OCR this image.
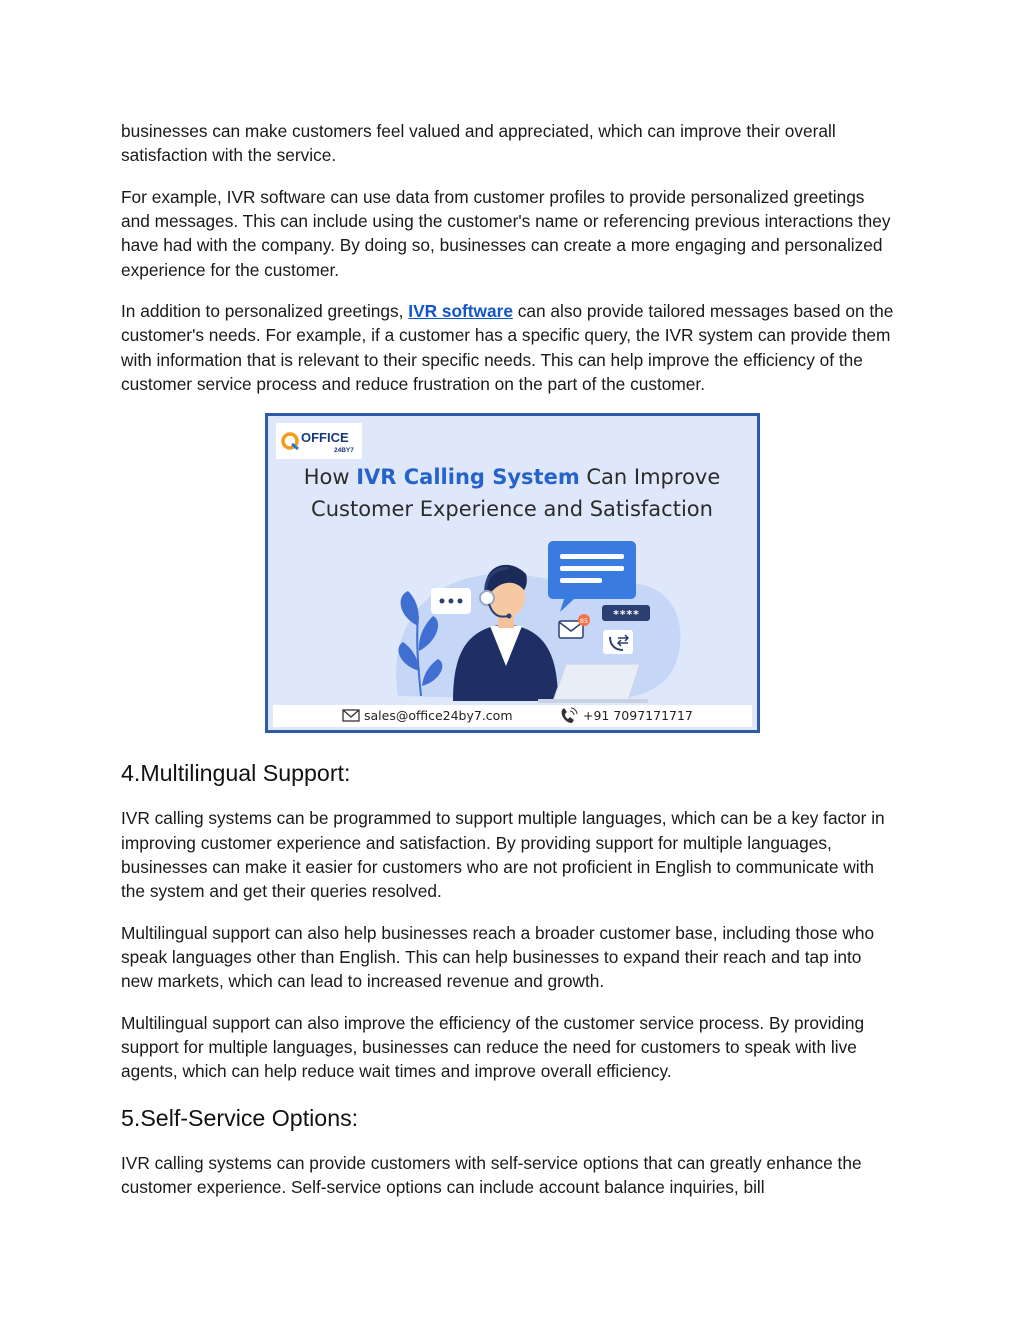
businesses can make customers feel valued and appreciated, which can improve their overall satisfaction with the service.

For example, IVR software can use data from customer profiles to provide personalized greetings and messages. This can include using the customer's name or referencing previous interactions they have had with the company. By doing so, businesses can create a more engaging and personalized experience for the customer.

In addition to personalized greetings, IVR software can also provide tailored messages based on the customer's needs. For example, if a customer has a specific query, the IVR system can provide them with information that is relevant to their specific needs. This can help improve the efficiency of the customer service process and reduce frustration on the part of the customer.

OFFICE
24BY7
How IVR Calling System Can Improve
Customer Experience and Satisfaction
****
85
sales@office24by7.com	+91 7097171717
4.Multilingual Support:

IVR calling systems can be programmed to support multiple languages, which can be a key factor in improving customer experience and satisfaction. By providing support for multiple languages, businesses can make it easier for customers who are not proficient in English to communicate with the system and get their queries resolved.

Multilingual support can also help businesses reach a broader customer base, including those who speak languages other than English. This can help businesses to expand their reach and tap into new markets, which can lead to increased revenue and growth.

Multilingual support can also improve the efficiency of the customer service process. By providing support for multiple languages, businesses can reduce the need for customers to speak with live agents, which can help reduce wait times and improve overall efficiency.

5.Self-Service Options:

IVR calling systems can provide customers with self-service options that can greatly enhance the customer experience. Self-service options can include account balance inquiries, bill
